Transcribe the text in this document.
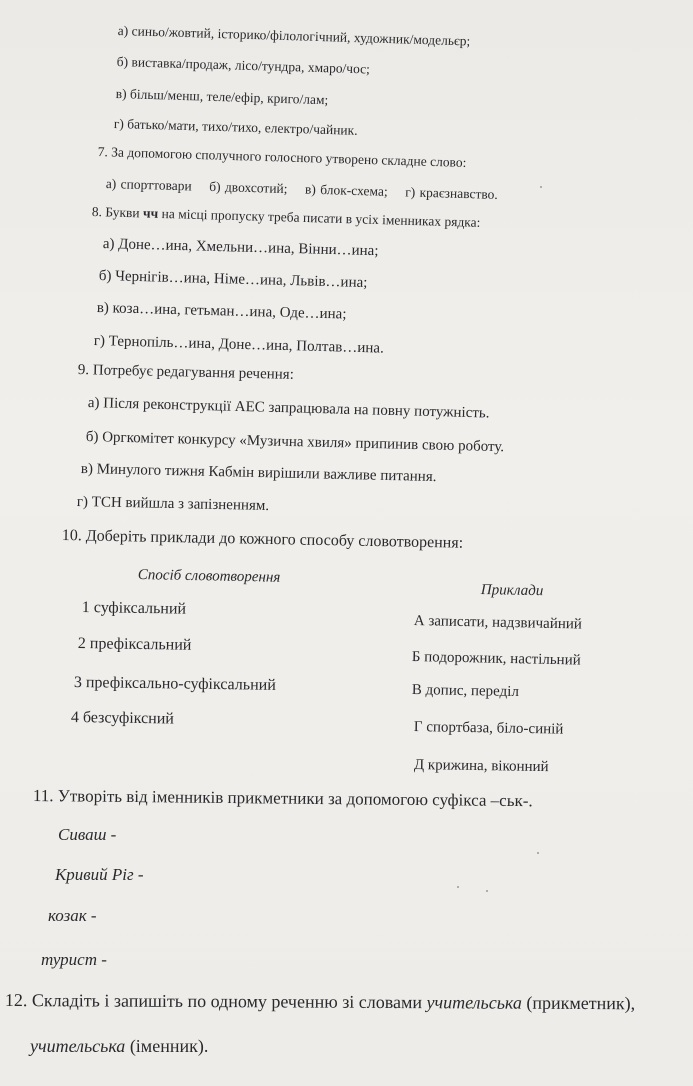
а) синьо/жовтий, історико/філологічний, художник/модельєр;
б) виставка/продаж, лісо/тундра, хмаро/чос;
в) більш/менш, теле/ефір, криго/лам;
г) батько/мати, тихо/тихо, електро/чайник.
7. За допомогою сполучного голосного утворено складне слово:
а) спорттовари    б) двохсотий;    в) блок-схема;    г) краєзнавство.
8. Букви чч на місці пропуску треба писати в усіх іменниках рядка:
а) Доне…ина, Хмельни…ина, Вінни…ина;
б) Чернігів…ина, Німе…ина, Львів…ина;
в) коза…ина, гетьман…ина, Оде…ина;
г) Тернопіль…ина, Доне…ина, Полтав…ина.
9. Потребує редагування речення:
а) Після реконструкції АЕС запрацювала на повну потужність.
б) Оргкомітет конкурсу «Музична хвиля» припинив свою роботу.
в) Минулого тижня Кабмін вирішили важливе питання.
г) ТСН вийшла з запізненням.
10. Доберіть приклади до кожного способу словотворення:
Спосіб словотворення
Приклади
1 суфіксальний
2 префіксальний
3 префіксально-суфіксальний
4 безсуфіксний
А записати, надзвичайний
Б подорожник, настільний
В допис, переділ
Г спортбаза, біло-синій
Д крижина, віконний
11. Утворіть від іменників прикметники за допомогою суфікса –ськ-.
Сиваш -
Кривий Ріг -
козак -
турист -
12. Складіть і запишіть по одному реченню зі словами учительська (прикметник),
учительська (іменник).
